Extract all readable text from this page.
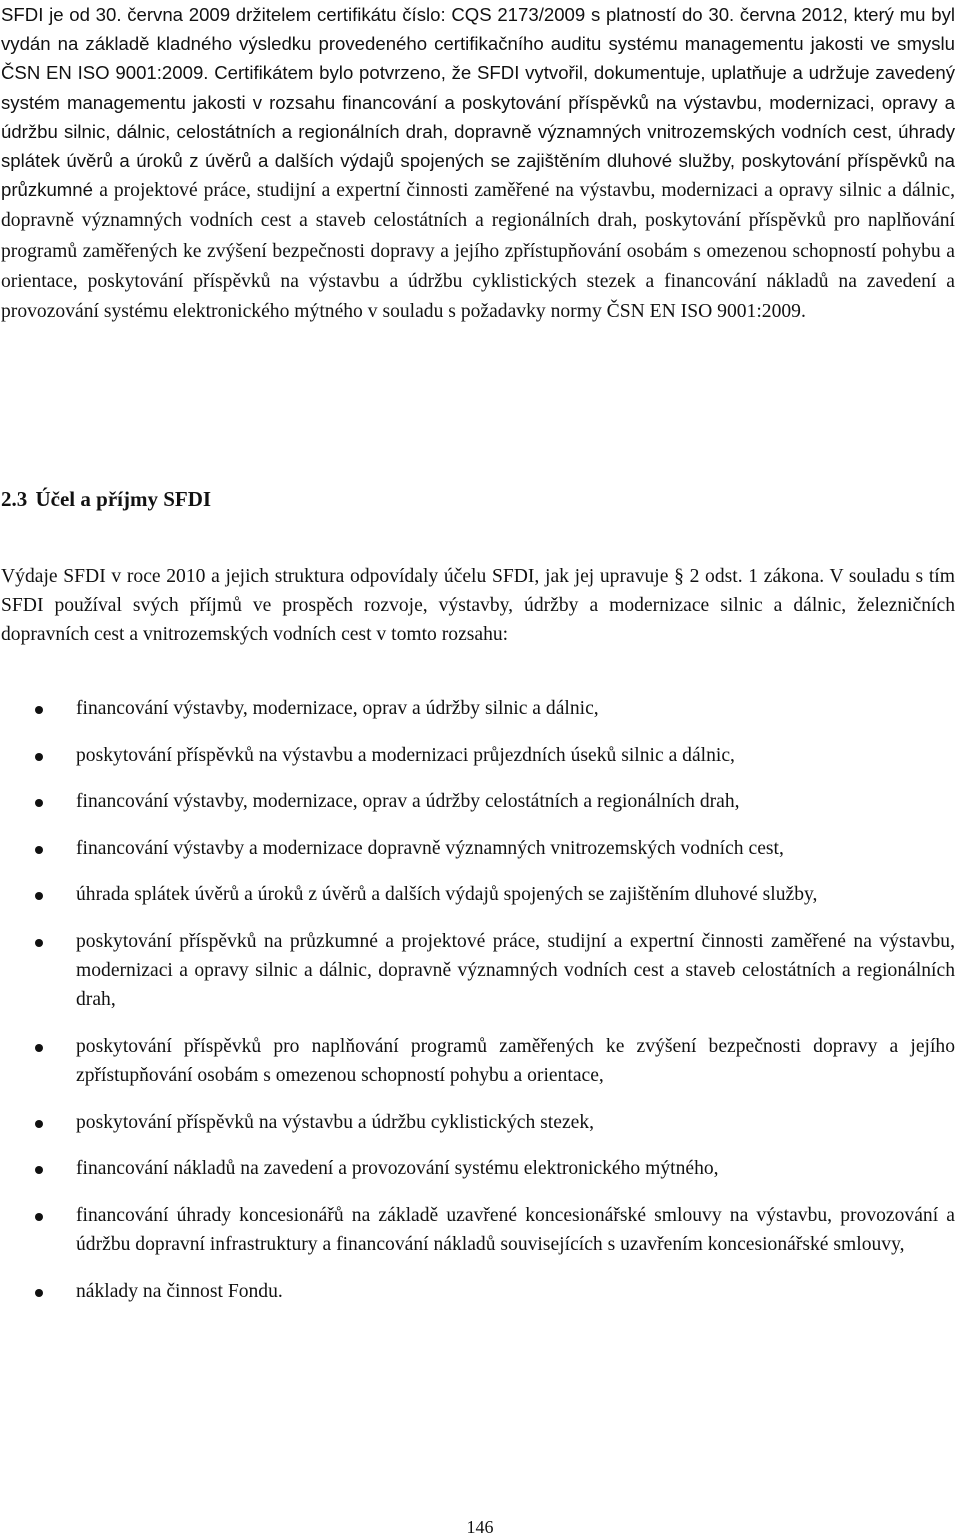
SFDI je od 30. června 2009 držitelem certifikátu číslo: CQS 2173/2009 s platností do 30. června 2012, který mu byl vydán na základě kladného výsledku provedeného certifikačního auditu systému managementu jakosti ve smyslu ČSN EN ISO 9001:2009. Certifikátem bylo potvrzeno, že SFDI vytvořil, dokumentuje, uplatňuje a udržuje zavedený systém managementu jakosti v rozsahu financování a poskytování příspěvků na výstavbu, modernizaci, opravy a údržbu silnic, dálnic, celostátních a regionálních drah, dopravně významných vnitrozemských vodních cest, úhrady splátek úvěrů a úroků z úvěrů a dalších výdajů spojených se zajištěním dluhové služby, poskytování příspěvků na průzkumné a projektové práce, studijní a expertní činnosti zaměřené na výstavbu, modernizaci a opravy silnic a dálnic, dopravně významných vodních cest a staveb celostátních a regionálních drah, poskytování příspěvků pro naplňování programů zaměřených ke zvýšení bezpečnosti dopravy a jejího zpřístupňování osobám s omezenou schopností pohybu a orientace, poskytování příspěvků na výstavbu a údržbu cyklistických stezek a financování nákladů na zavedení a provozování systému elektronického mýtného v souladu s požadavky normy ČSN EN ISO 9001:2009.

2.3 Účel a příjmy SFDI

Výdaje SFDI v roce 2010 a jejich struktura odpovídaly účelu SFDI, jak jej upravuje § 2 odst. 1 zákona. V souladu s tím SFDI používal svých příjmů ve prospěch rozvoje, výstavby, údržby a modernizace silnic a dálnic, železničních dopravních cest a vnitrozemských vodních cest v tomto rozsahu:

financování výstavby, modernizace, oprav a údržby silnic a dálnic,
poskytování příspěvků na výstavbu a modernizaci průjezdních úseků silnic a dálnic,
financování výstavby, modernizace, oprav a údržby celostátních a regionálních drah,
financování výstavby a modernizace dopravně významných vnitrozemských vodních cest,
úhrada splátek úvěrů a úroků z úvěrů a dalších výdajů spojených se zajištěním dluhové služby,
poskytování příspěvků na průzkumné a projektové práce, studijní a expertní činnosti zaměřené na výstavbu, modernizaci a opravy silnic a dálnic, dopravně významných vodních cest a staveb celostátních a regionálních drah,
poskytování příspěvků pro naplňování programů zaměřených ke zvýšení bezpečnosti dopravy a jejího zpřístupňování osobám s omezenou schopností pohybu a orientace,
poskytování příspěvků na výstavbu a údržbu cyklistických stezek,
financování nákladů na zavedení a provozování systému elektronického mýtného,
financování úhrady koncesionářů na základě uzavřené koncesionářské smlouvy na výstavbu, provozování a údržbu dopravní infrastruktury a financování nákladů souvisejících s uzavřením koncesionářské smlouvy,
náklady na činnost Fondu.
146
